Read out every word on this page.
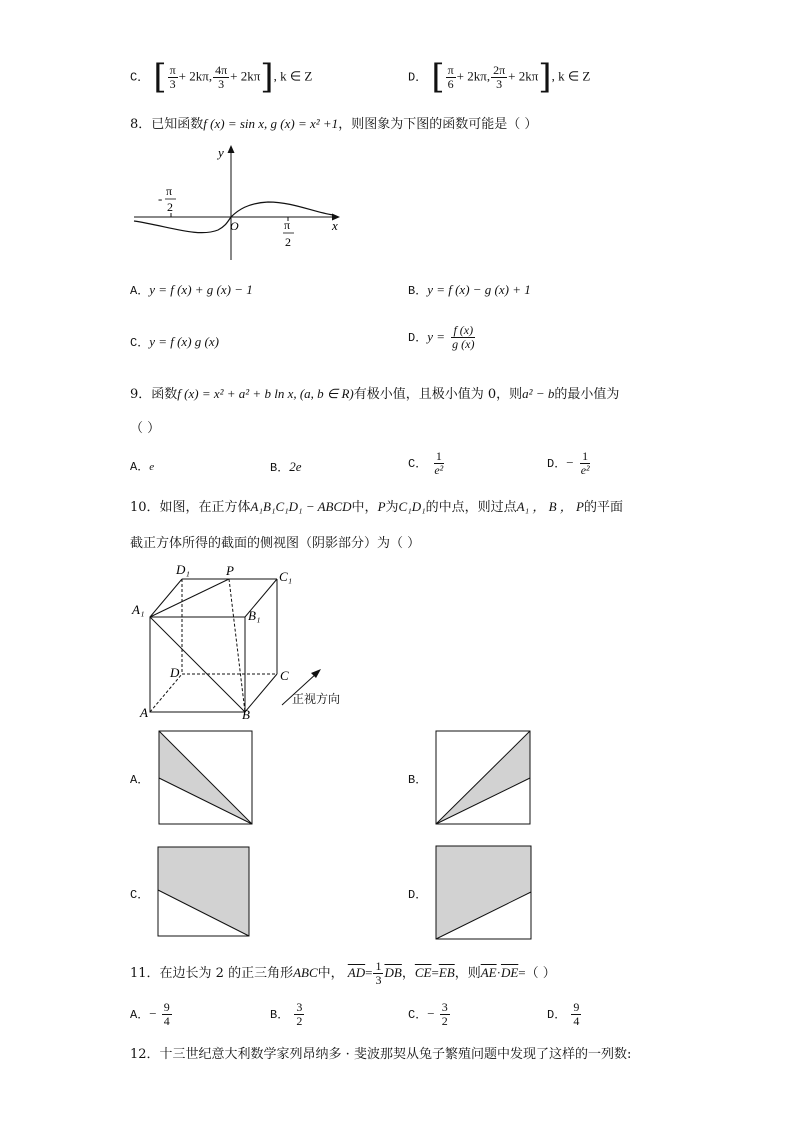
C． [ $\frac{\pi}{3} + 2k\pi$, $\frac{4\pi}{3} + 2k\pi$], k ∈ Z	D． [ $\frac{\pi}{6} + 2k\pi$, $\frac{2\pi}{3} + 2k\pi$], k ∈ Z
8．已知函数f (x) = sin x, g (x) = x² +1，则图象为下图的函数可能是（ ）
y
x
O
- π
2
π
2
A．y = f (x) + g (x) − 1	B．y = f (x) − g (x) + 1
C．y = f (x) g (x)	D．$y = \frac{f (x)}{g (x)}$
9．函数f (x) = x² + a² + b ln x, (a, b ∈ R)有极小值，且极小值为 0，则a² − b的最小值为
（ ）
A．$^e$	B．2e	C． $\frac{1}{\text{e²}}$	D．− $\frac{1}{\text{e²}}$
10．如图，在正方体A₁B₁C₁D₁ − ABCD中，P为C₁D₁的中点，则过点A₁ ， B ， P的平面
截正方体所得的截面的侧视图（阴影部分）为（ ）
D₁	P	C₁
A₁	B₁
D	C
A	B
正视方向
A．	B．
C．	D．
11．在边长为 2 的正三角形ABC中， $\overline{AD}= \frac{1}{3} \overline{DB}$，$\overline{CE}=\overline{EB}$，则$\overline{AE}\cdot\overline{DE}=$（ ）
A．− $\frac{9}{4}$	B． $\frac{3}{2}$	C．− $\frac{3}{2}$	D． $\frac{9}{4}$
12．十三世纪意大利数学家列昂纳多 · 斐波那契从兔子繁殖问题中发现了这样的一列数:
